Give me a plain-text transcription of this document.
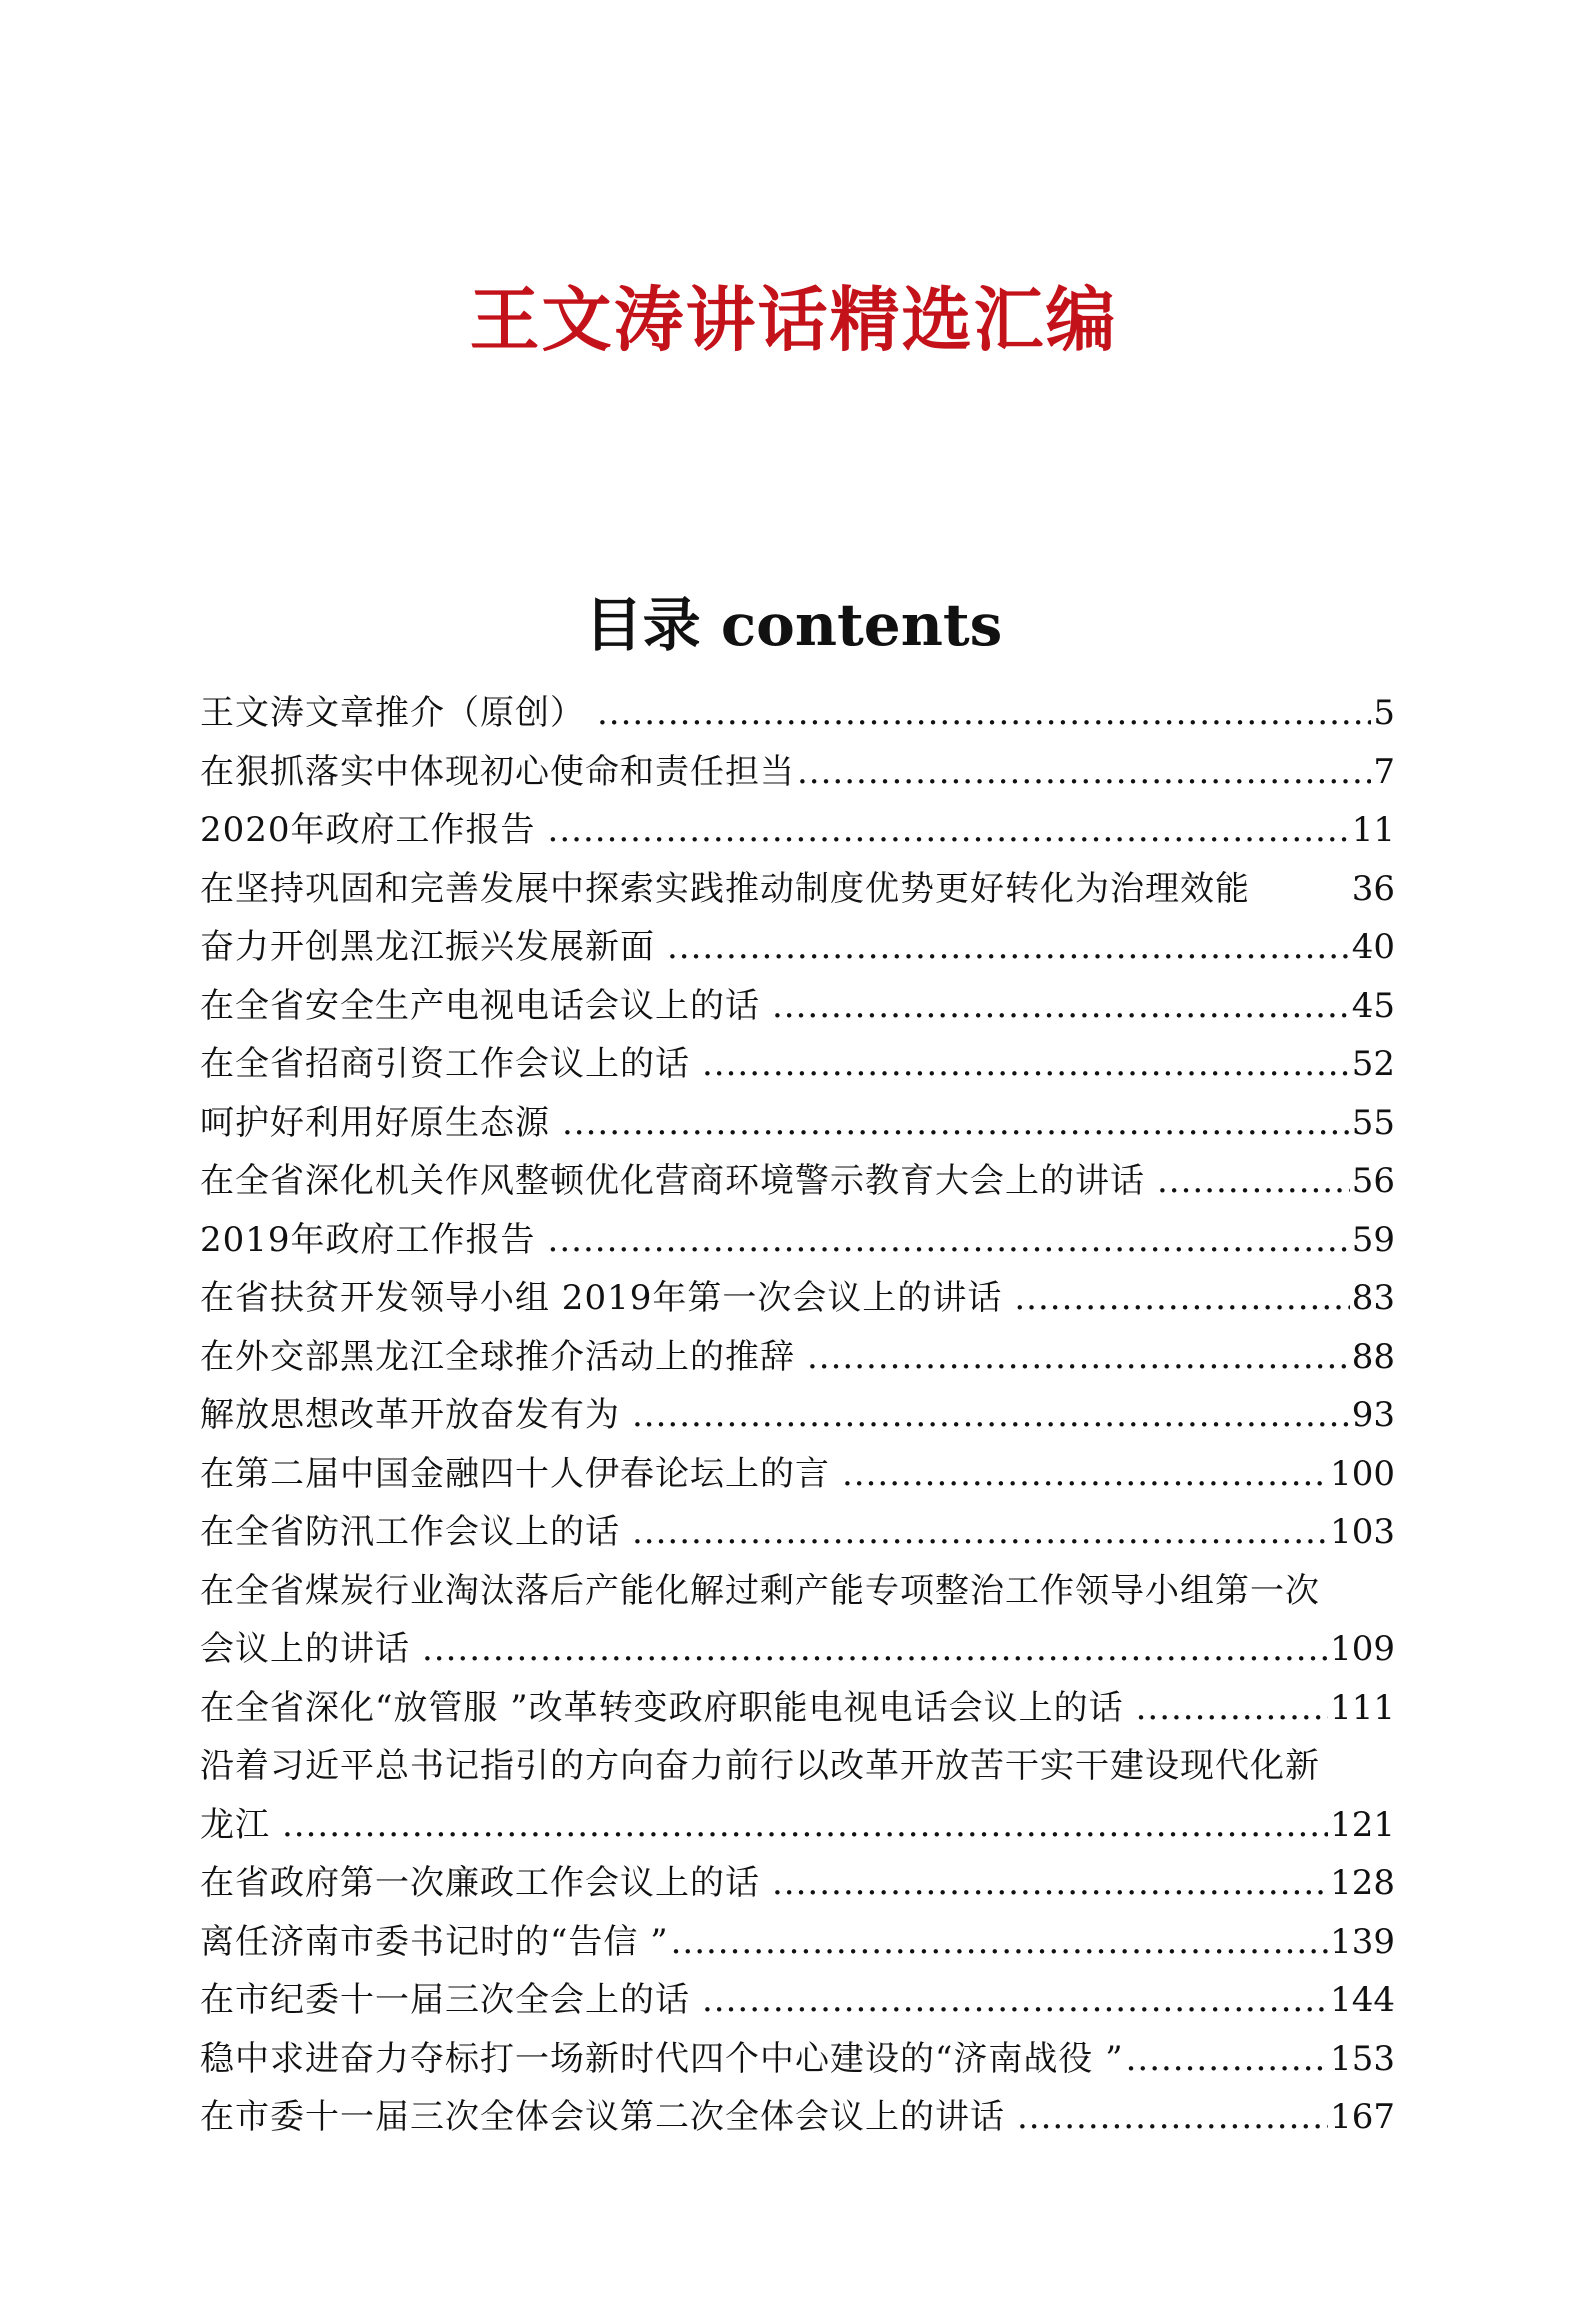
王文涛讲话精选汇编
目录 contents
王文涛文章推介（原创） .....	5
在狠抓落实中体现初心使命和责任担当 .....	7
2020年政府工作报告 .....	11
在坚持巩固和完善发展中探索实践推动制度优势更好转化为治理效能	36
奋力开创黑龙江振兴发展新面 .....	40
在全省安全生产电视电话会议上的话 .....	45
在全省招商引资工作会议上的话 .....	52
呵护好利用好原生态源 .....	55
在全省深化机关作风整顿优化营商环境警示教育大会上的讲话 .....	56
2019年政府工作报告 .....	59
在省扶贫开发领导小组 2019年第一次会议上的讲话 .....	83
在外交部黑龙江全球推介活动上的推辞 .....	88
解放思想改革开放奋发有为 .....	93
在第二届中国金融四十人伊春论坛上的言 .....	100
在全省防汛工作会议上的话 .....	103
在全省煤炭行业淘汰落后产能化解过剩产能专项整治工作领导小组第一次
会议上的讲话 .....	109
在全省深化“放管服 ”改革转变政府职能电视电话会议上的话 .....	111
沿着习近平总书记指引的方向奋力前行以改革开放苦干实干建设现代化新
龙江 .....	121
在省政府第一次廉政工作会议上的话 .....	128
离任济南市委书记时的“告信 ” .....	139
在市纪委十一届三次全会上的话 .....	144
稳中求进奋力夺标打一场新时代四个中心建设的“济南战役 ” .....	153
在市委十一届三次全体会议第二次全体会议上的讲话 .....	167
